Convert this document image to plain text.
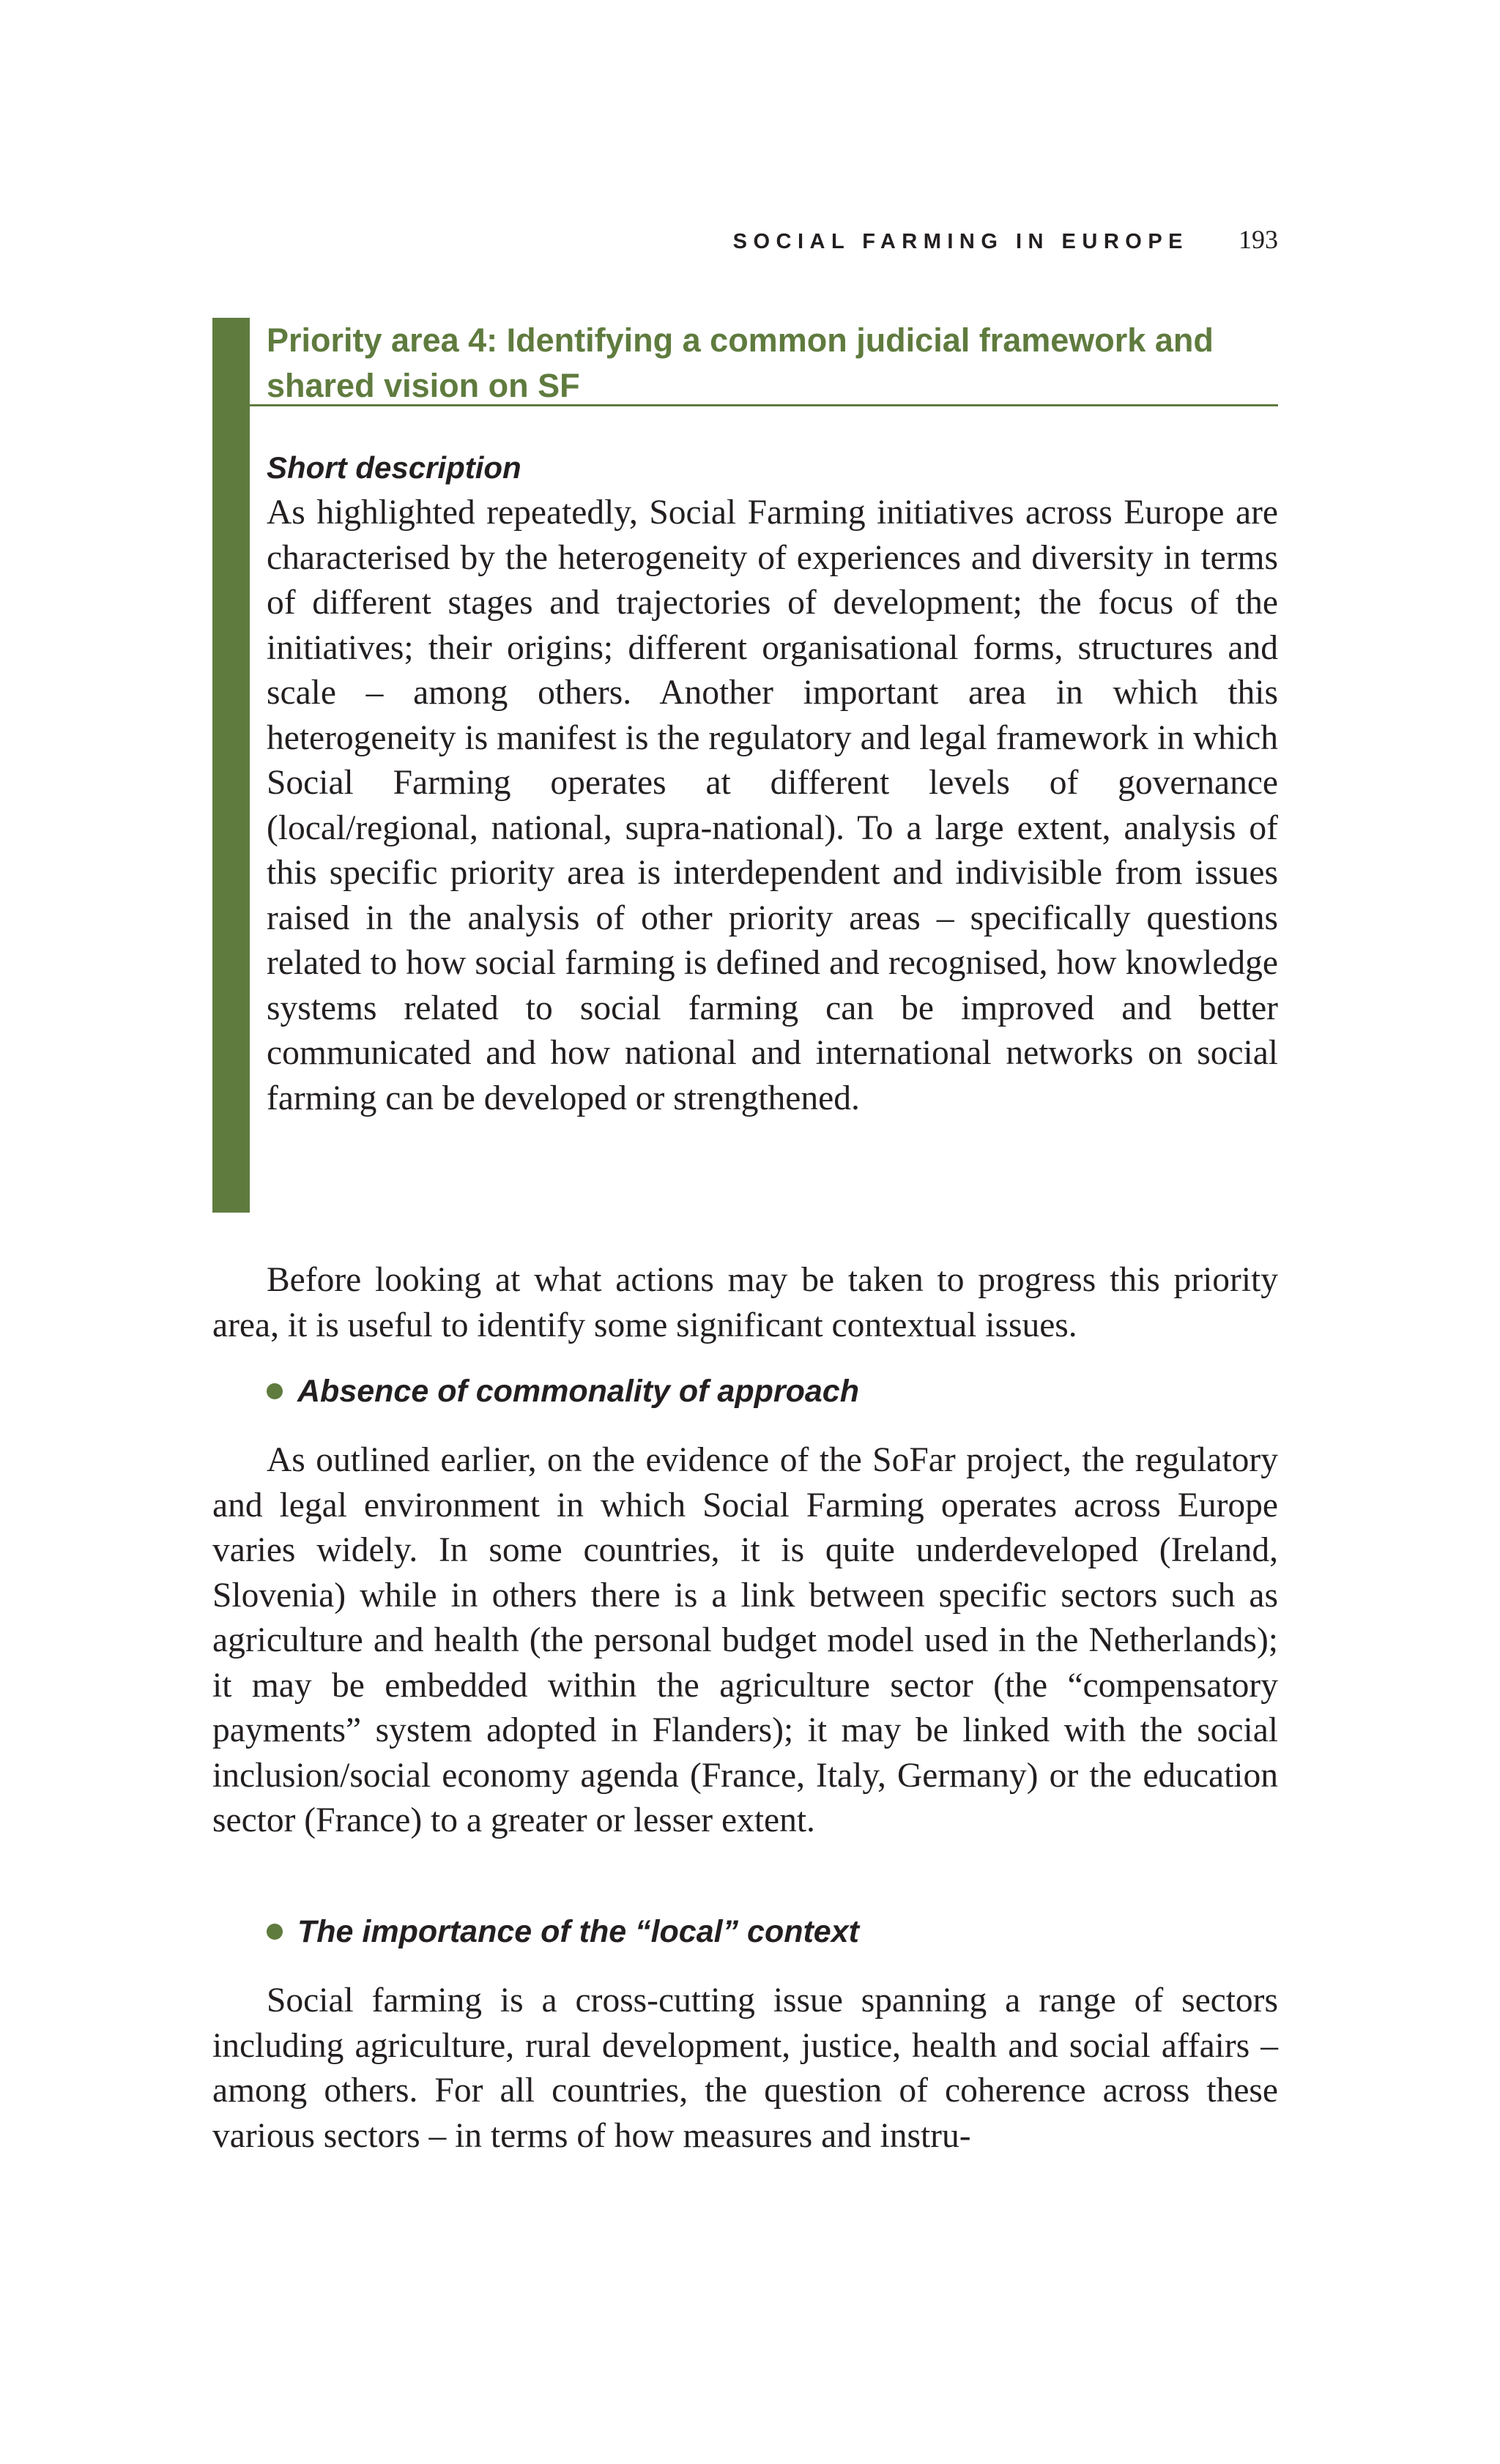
SOCIAL FARMING IN EUROPE 193
Priority area 4: Identifying a common judicial framework and shared vision on SF
Short description

As highlighted repeatedly, Social Farming initiatives across Europe are characterised by the heterogeneity of experiences and diversity in terms of different stages and trajectories of development; the focus of the initiatives; their origins; different organisational forms, structures and scale – among others. Another important area in which this heterogeneity is manifest is the regulatory and legal framework in which Social Farming operates at different levels of governance (local/regional, national, supra-national). To a large extent, analysis of this specific priority area is interdependent and indivisible from issues raised in the analysis of other priority areas – specifically questions related to how social farming is defined and recognised, how knowledge systems related to social farming can be improved and better communicated and how national and international networks on social farming can be developed or strengthened.

Before looking at what actions may be taken to progress this priority area, it is useful to identify some significant contextual issues.

Absence of commonality of approach

As outlined earlier, on the evidence of the SoFar project, the regulatory and legal environment in which Social Farming operates across Europe varies widely. In some countries, it is quite underdeveloped (Ireland, Slovenia) while in others there is a link between specific sectors such as agriculture and health (the personal budget model used in the Netherlands); it may be embedded within the agriculture sector (the “compensatory payments” system adopted in Flanders); it may be linked with the social inclusion/social economy agenda (France, Italy, Germany) or the education sector (France) to a greater or lesser extent.

The importance of the “local” context

Social farming is a cross-cutting issue spanning a range of sectors including agriculture, rural development, justice, health and social affairs – among others. For all countries, the question of coherence across these various sectors – in terms of how measures and instru-
